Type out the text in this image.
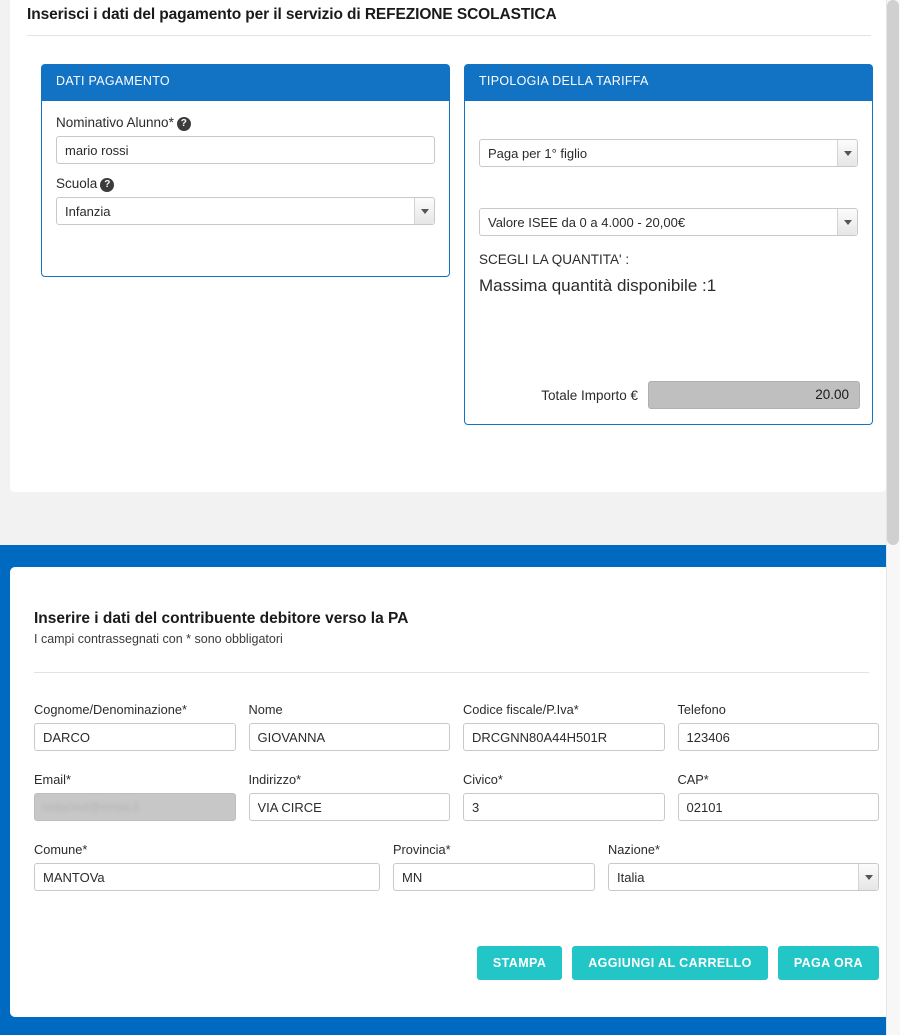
Inserisci i dati del pagamento per il servizio di REFEZIONE SCOLASTICA
DATI PAGAMENTO
Nominativo Alunno* ?
mario rossi
Scuola ?
Infanzia
TIPOLOGIA DELLA TARIFFA
Paga per 1° figlio
Valore ISEE da 0 a 4.000 - 20,00€
SCEGLI LA QUANTITA' :
Massima quantità disponibile :1
Totale Importo €	20.00
Inserire i dati del contribuente debitore verso la PA
I campi contrassegnati con * sono obbligatori
Cognome/Denominazione*
DARCO	Nome
GIOVANNA	Codice fiscale/P.Iva*
DRCGNN80A44H501R	Telefono
123406
Email*
redacted@email.it
Indirizzo*
VIA CIRCE	Civico*
3	CAP*
02101
Comune*
MANTOVa	Provincia*
MN	Nazione*
Italia
STAMPA	AGGIUNGI AL CARRELLO	PAGA ORA
